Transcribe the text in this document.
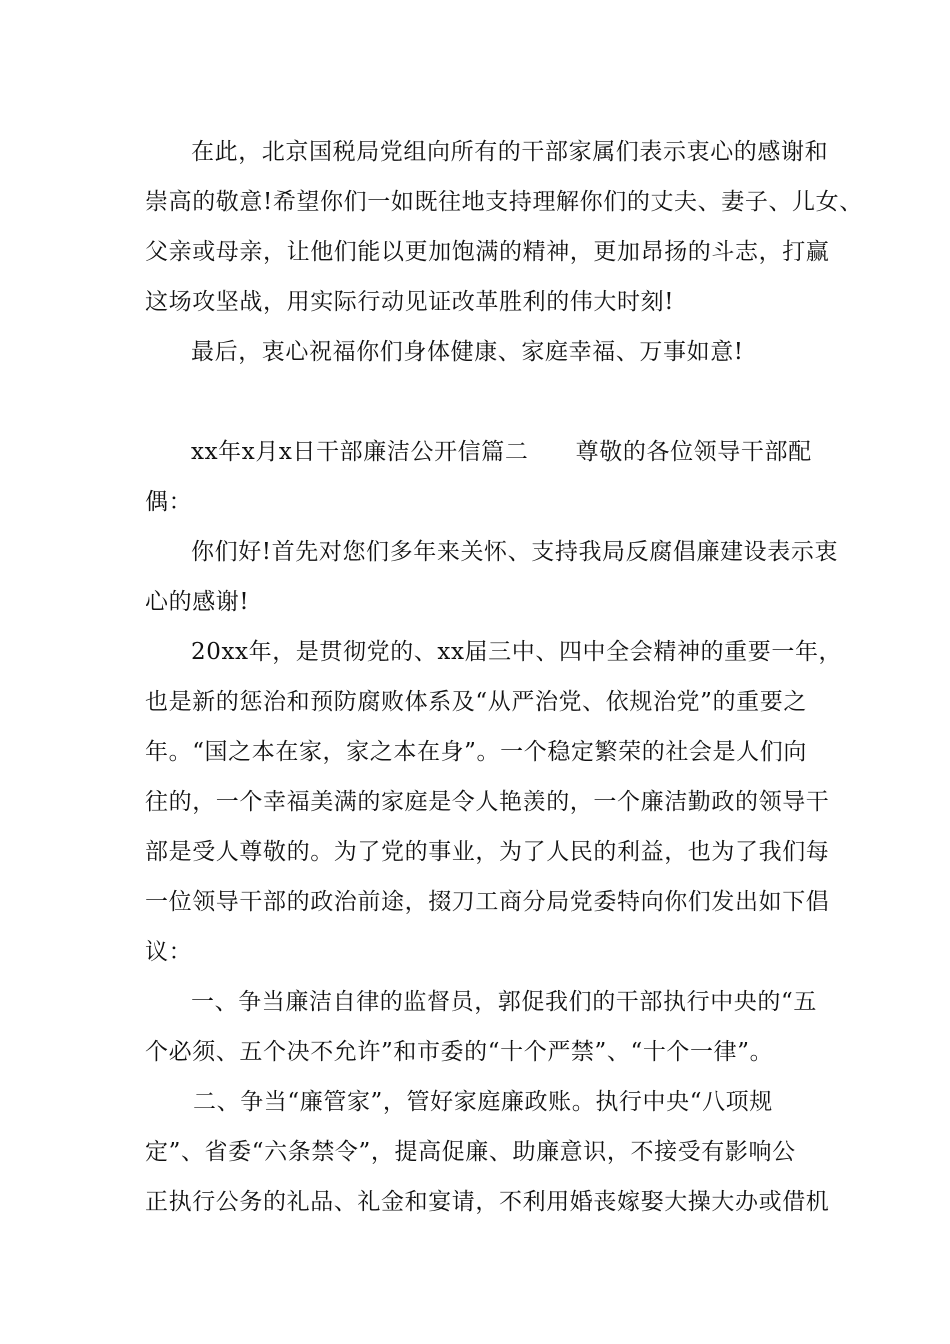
在此，北京国税局党组向所有的干部家属们表示衷心的感谢和
崇高的敬意!希望你们一如既往地支持理解你们的丈夫、妻子、儿女、
父亲或母亲，让他们能以更加饱满的精神，更加昂扬的斗志，打赢
这场攻坚战，用实际行动见证改革胜利的伟大时刻!
最后，衷心祝福你们身体健康、家庭幸福、万事如意!
xx年x月x日干部廉洁公开信篇二　　尊敬的各位领导干部配
偶：
你们好!首先对您们多年来关怀、支持我局反腐倡廉建设表示衷
心的感谢!
20xx年，是贯彻党的、xx届三中、四中全会精神的重要一年，
也是新的惩治和预防腐败体系及“从严治党、依规治党”的重要之
年。“国之本在家，家之本在身”。一个稳定繁荣的社会是人们向
往的，一个幸福美满的家庭是令人艳羡的，一个廉洁勤政的领导干
部是受人尊敬的。为了党的事业，为了人民的利益，也为了我们每
一位领导干部的政治前途，掇刀工商分局党委特向你们发出如下倡
议：
一、争当廉洁自律的监督员，郭促我们的干部执行中央的“五
个必须、五个决不允许”和市委的“十个严禁”、“十个一律”。
二、争当“廉管家”，管好家庭廉政账。执行中央“八项规
定”、省委“六条禁令”，提高促廉、助廉意识，不接受有影响公
正执行公务的礼品、礼金和宴请，不利用婚丧嫁娶大操大办或借机
